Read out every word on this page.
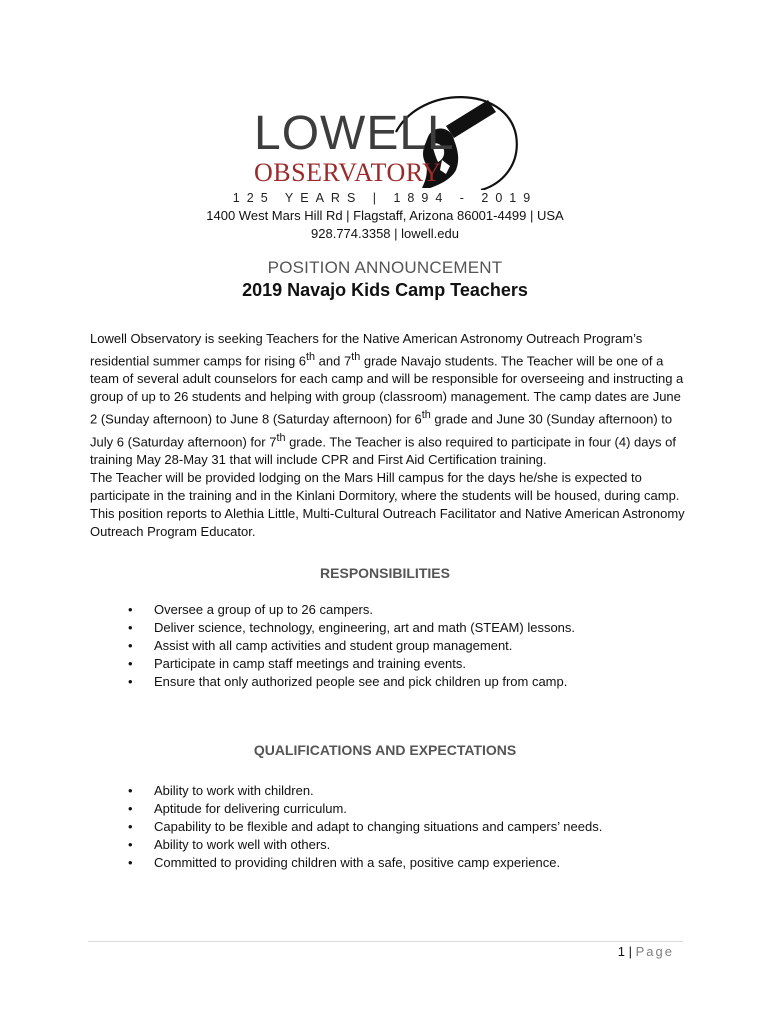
LOWELL
OBSERVATORY
125 YEARS | 1894 - 2019
1400 West Mars Hill Rd | Flagstaff, Arizona 86001-4499 | USA
928.774.3358 | lowell.edu
POSITION ANNOUNCEMENT
2019 Navajo Kids Camp Teachers

Lowell Observatory is seeking Teachers for the Native American Astronomy Outreach Program’s residential summer camps for rising 6th and 7th grade Navajo students. The Teacher will be one of a team of several adult counselors for each camp and will be responsible for overseeing and instructing a group of up to 26 students and helping with group (classroom) management. The camp dates are June 2 (Sunday afternoon) to June 8 (Saturday afternoon) for 6th grade and June 30 (Sunday afternoon) to July 6 (Saturday afternoon) for 7th grade. The Teacher is also required to participate in four (4) days of training May 28-May 31 that will include CPR and First Aid Certification training.

The Teacher will be provided lodging on the Mars Hill campus for the days he/she is expected to participate in the training and in the Kinlani Dormitory, where the students will be housed, during camp. This position reports to Alethia Little, Multi-Cultural Outreach Facilitator and Native American Astronomy Outreach Program Educator.

RESPONSIBILITIES
• Oversee a group of up to 26 campers.
• Deliver science, technology, engineering, art and math (STEAM) lessons.
• Assist with all camp activities and student group management.
• Participate in camp staff meetings and training events.
• Ensure that only authorized people see and pick children up from camp.
QUALIFICATIONS AND EXPECTATIONS
• Ability to work with children.
• Aptitude for delivering curriculum.
• Capability to be flexible and adapt to changing situations and campers’ needs.
• Ability to work well with others.
• Committed to providing children with a safe, positive camp experience.
1 | Page
